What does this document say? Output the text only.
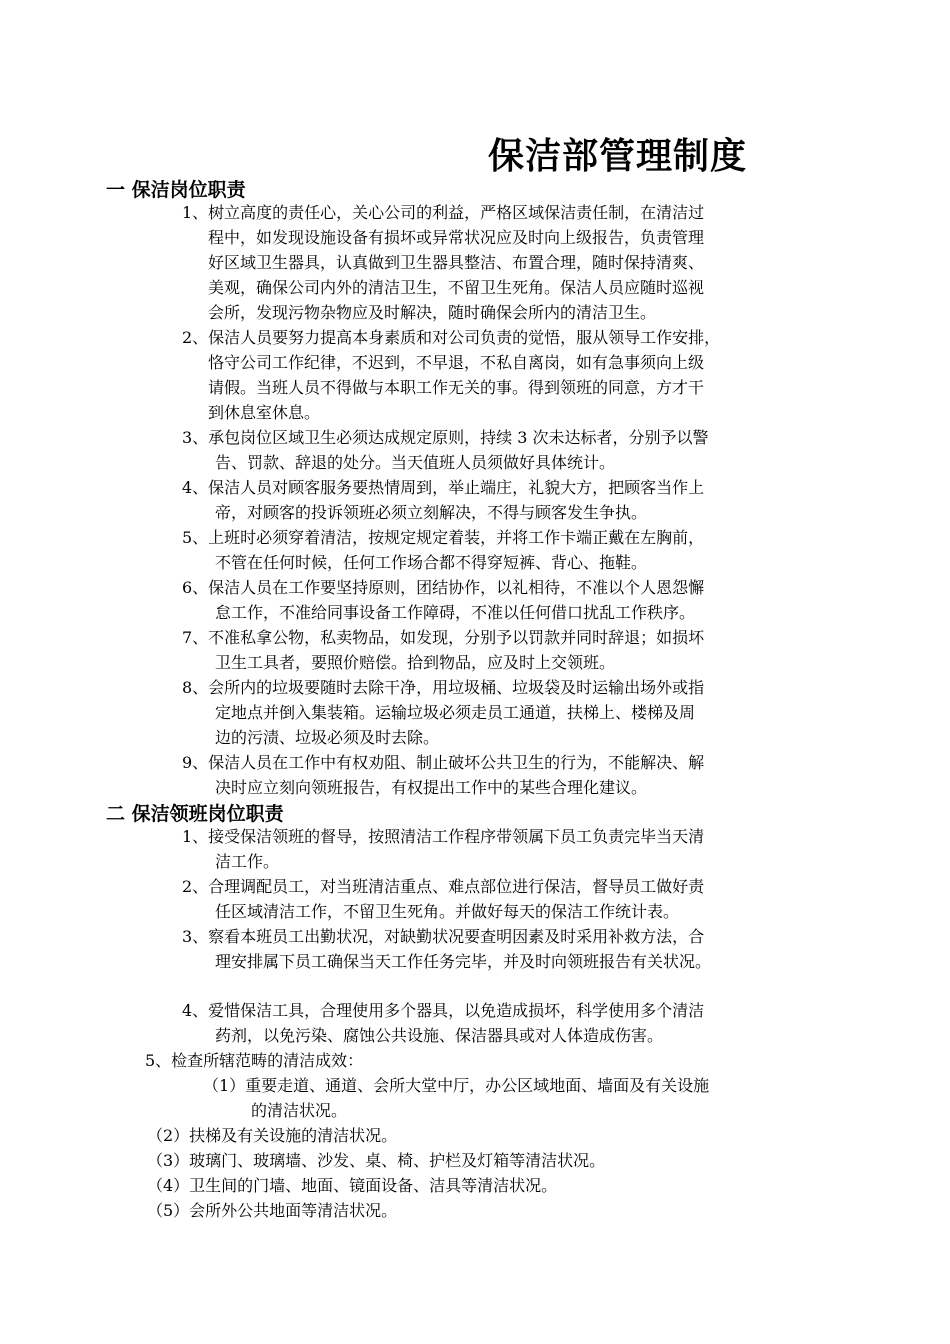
保洁部管理制度
一 保洁岗位职责
1、树立高度的责任心，关心公司的利益，严格区域保洁责任制，在清洁过
程中，如发现设施设备有损坏或异常状况应及时向上级报告，负责管理
好区域卫生器具，认真做到卫生器具整洁、布置合理，随时保持清爽、
美观，确保公司内外的清洁卫生，不留卫生死角。保洁人员应随时巡视
会所，发现污物杂物应及时解决，随时确保会所内的清洁卫生。
2、保洁人员要努力提高本身素质和对公司负责的觉悟，服从领导工作安排，
恪守公司工作纪律，不迟到，不早退，不私自离岗，如有急事须向上级
请假。当班人员不得做与本职工作无关的事。得到领班的同意，方才干
到休息室休息。
3、承包岗位区域卫生必须达成规定原则，持续 3 次未达标者，分别予以警
告、罚款、辞退的处分。当天值班人员须做好具体统计。
4、保洁人员对顾客服务要热情周到，举止端庄，礼貌大方，把顾客当作上
帝，对顾客的投诉领班必须立刻解决，不得与顾客发生争执。
5、上班时必须穿着清洁，按规定规定着装，并将工作卡端正戴在左胸前，
不管在任何时候，任何工作场合都不得穿短裤、背心、拖鞋。
6、保洁人员在工作要坚持原则，团结协作，以礼相待，不准以个人恩怨懈
怠工作，不准给同事设备工作障碍，不准以任何借口扰乱工作秩序。
7、不准私拿公物，私卖物品，如发现，分别予以罚款并同时辞退；如损坏
卫生工具者，要照价赔偿。拾到物品，应及时上交领班。
8、会所内的垃圾要随时去除干净，用垃圾桶、垃圾袋及时运输出场外或指
定地点并倒入集装箱。运输垃圾必须走员工通道，扶梯上、楼梯及周
边的污渍、垃圾必须及时去除。
9、保洁人员在工作中有权劝阻、制止破坏公共卫生的行为，不能解决、解
决时应立刻向领班报告，有权提出工作中的某些合理化建议。
二 保洁领班岗位职责
1、接受保洁领班的督导，按照清洁工作程序带领属下员工负责完毕当天清
洁工作。
2、合理调配员工，对当班清洁重点、难点部位进行保洁，督导员工做好责
任区域清洁工作，不留卫生死角。并做好每天的保洁工作统计表。
3、察看本班员工出勤状况，对缺勤状况要查明因素及时采用补救方法，合
理安排属下员工确保当天工作任务完毕，并及时向领班报告有关状况。
4、爱惜保洁工具，合理使用多个器具，以免造成损坏，科学使用多个清洁
药剂，以免污染、腐蚀公共设施、保洁器具或对人体造成伤害。
5、检查所辖范畴的清洁成效：
（1）重要走道、通道、会所大堂中厅，办公区域地面、墙面及有关设施
的清洁状况。
（2）扶梯及有关设施的清洁状况。
（3）玻璃门、玻璃墙、沙发、桌、椅、护栏及灯箱等清洁状况。
（4）卫生间的门墙、地面、镜面设备、洁具等清洁状况。
（5）会所外公共地面等清洁状况。
